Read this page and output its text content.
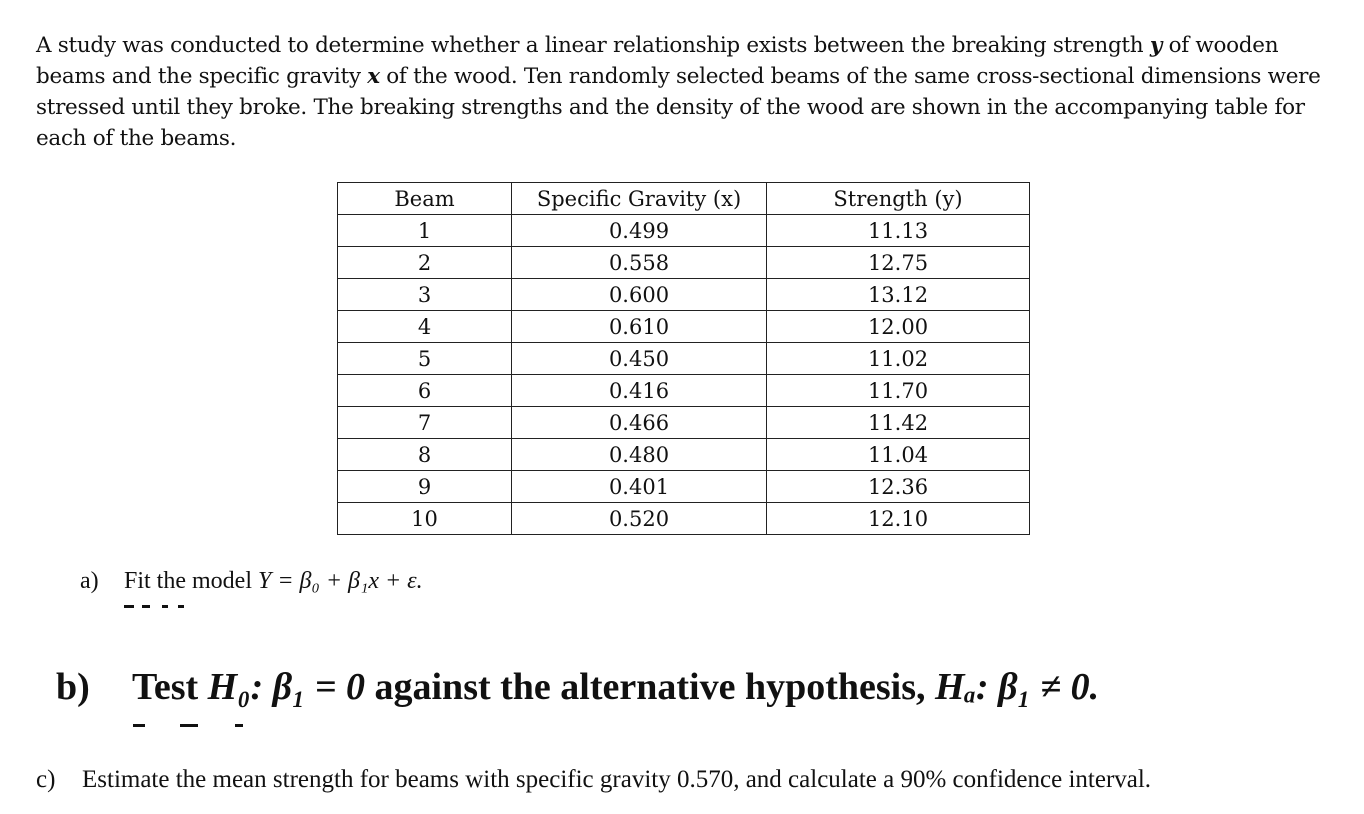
A study was conducted to determine whether a linear relationship exists between the breaking strength y of wooden beams and the specific gravity x of the wood. Ten randomly selected beams of the same cross-sectional dimensions were stressed until they broke. The breaking strengths and the density of the wood are shown in the accompanying table for each of the beams.
Beam	Specific Gravity (x)	Strength (y)
1	0.499	11.13
2	0.558	12.75
3	0.600	13.12
4	0.610	12.00
5	0.450	11.02
6	0.416	11.70
7	0.466	11.42
8	0.480	11.04
9	0.401	12.36
10	0.520	12.10
a) Fit the model Y = β₀ + β₁x + ε.
b) Test H₀: β₁ = 0 against the alternative hypothesis, Hₐ: β₁ ≠ 0.
c) Estimate the mean strength for beams with specific gravity 0.570, and calculate a 90% confidence interval.
